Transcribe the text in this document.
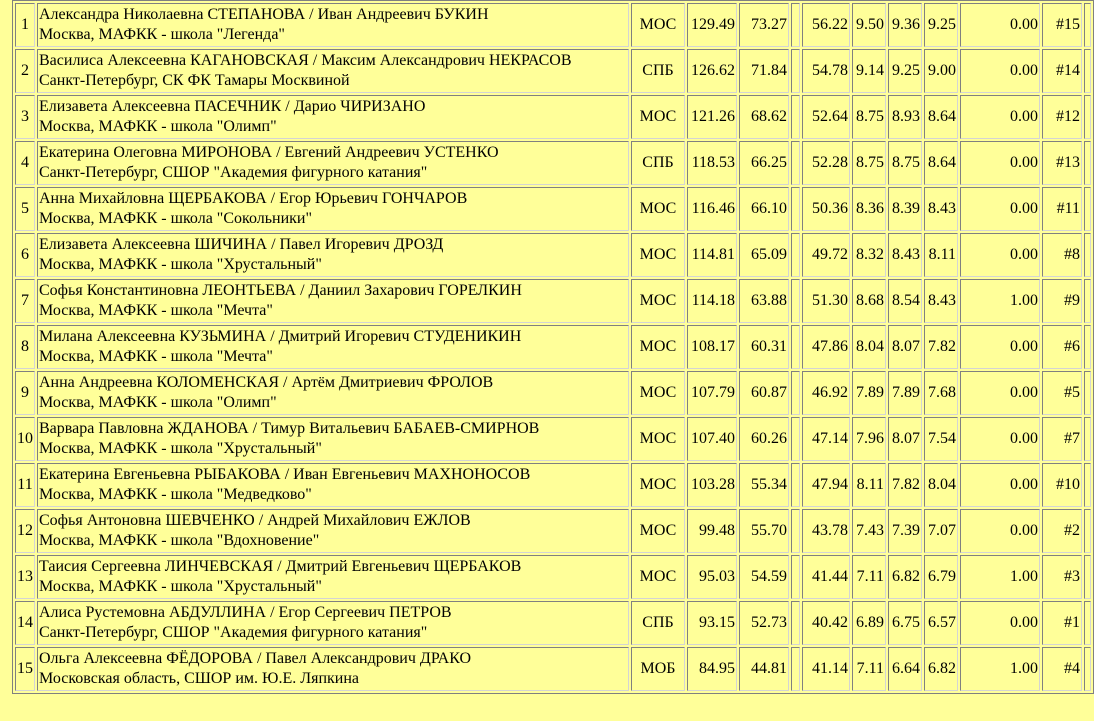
1	Александра Николаевна СТЕПАНОВА / Иван Андреевич БУКИН
Москва, МАФКК - школа "Легенда"	МОС	129.49	73.27		56.22	9.50	9.36	9.25	0.00	#15	
2	Василиса Алексеевна КАГАНОВСКАЯ / Максим Александрович НЕКРАСОВ
Санкт-Петербург, СК ФК Тамары Москвиной	СПБ	126.62	71.84		54.78	9.14	9.25	9.00	0.00	#14	
3	Елизавета Алексеевна ПАСЕЧНИК / Дарио ЧИРИЗАНО
Москва, МАФКК - школа "Олимп"	МОС	121.26	68.62		52.64	8.75	8.93	8.64	0.00	#12	
4	Екатерина Олеговна МИРОНОВА / Евгений Андреевич УСТЕНКО
Санкт-Петербург, СШОР "Академия фигурного катания"	СПБ	118.53	66.25		52.28	8.75	8.75	8.64	0.00	#13	
5	Анна Михайловна ЩЕРБАКОВА / Егор Юрьевич ГОНЧАРОВ
Москва, МАФКК - школа "Сокольники"	МОС	116.46	66.10		50.36	8.36	8.39	8.43	0.00	#11	
6	Елизавета Алексеевна ШИЧИНА / Павел Игоревич ДРОЗД
Москва, МАФКК - школа "Хрустальный"	МОС	114.81	65.09		49.72	8.32	8.43	8.11	0.00	#8	
7	Софья Константиновна ЛЕОНТЬЕВА / Даниил Захарович ГОРЕЛКИН
Москва, МАФКК - школа "Мечта"	МОС	114.18	63.88		51.30	8.68	8.54	8.43	1.00	#9	
8	Милана Алексеевна КУЗЬМИНА / Дмитрий Игоревич СТУДЕНИКИН
Москва, МАФКК - школа "Мечта"	МОС	108.17	60.31		47.86	8.04	8.07	7.82	0.00	#6	
9	Анна Андреевна КОЛОМЕНСКАЯ / Артём Дмитриевич ФРОЛОВ
Москва, МАФКК - школа "Олимп"	МОС	107.79	60.87		46.92	7.89	7.89	7.68	0.00	#5	
10	Варвара Павловна ЖДАНОВА / Тимур Витальевич БАБАЕВ-СМИРНОВ
Москва, МАФКК - школа "Хрустальный"	МОС	107.40	60.26		47.14	7.96	8.07	7.54	0.00	#7	
11	Екатерина Евгеньевна РЫБАКОВА / Иван Евгеньевич МАХНОНОСОВ
Москва, МАФКК - школа "Медведково"	МОС	103.28	55.34		47.94	8.11	7.82	8.04	0.00	#10	
12	Софья Антоновна ШЕВЧЕНКО / Андрей Михайлович ЕЖЛОВ
Москва, МАФКК - школа "Вдохновение"	МОС	99.48	55.70		43.78	7.43	7.39	7.07	0.00	#2	
13	Таисия Сергеевна ЛИНЧЕВСКАЯ / Дмитрий Евгеньевич ЩЕРБАКОВ
Москва, МАФКК - школа "Хрустальный"	МОС	95.03	54.59		41.44	7.11	6.82	6.79	1.00	#3	
14	Алиса Рустемовна АБДУЛЛИНА / Егор Сергеевич ПЕТРОВ
Санкт-Петербург, СШОР "Академия фигурного катания"	СПБ	93.15	52.73		40.42	6.89	6.75	6.57	0.00	#1	
15	Ольга Алексеевна ФЁДОРОВА / Павел Александрович ДРАКО
Московская область, СШОР им. Ю.Е. Ляпкина	МОБ	84.95	44.81		41.14	7.11	6.64	6.82	1.00	#4	
